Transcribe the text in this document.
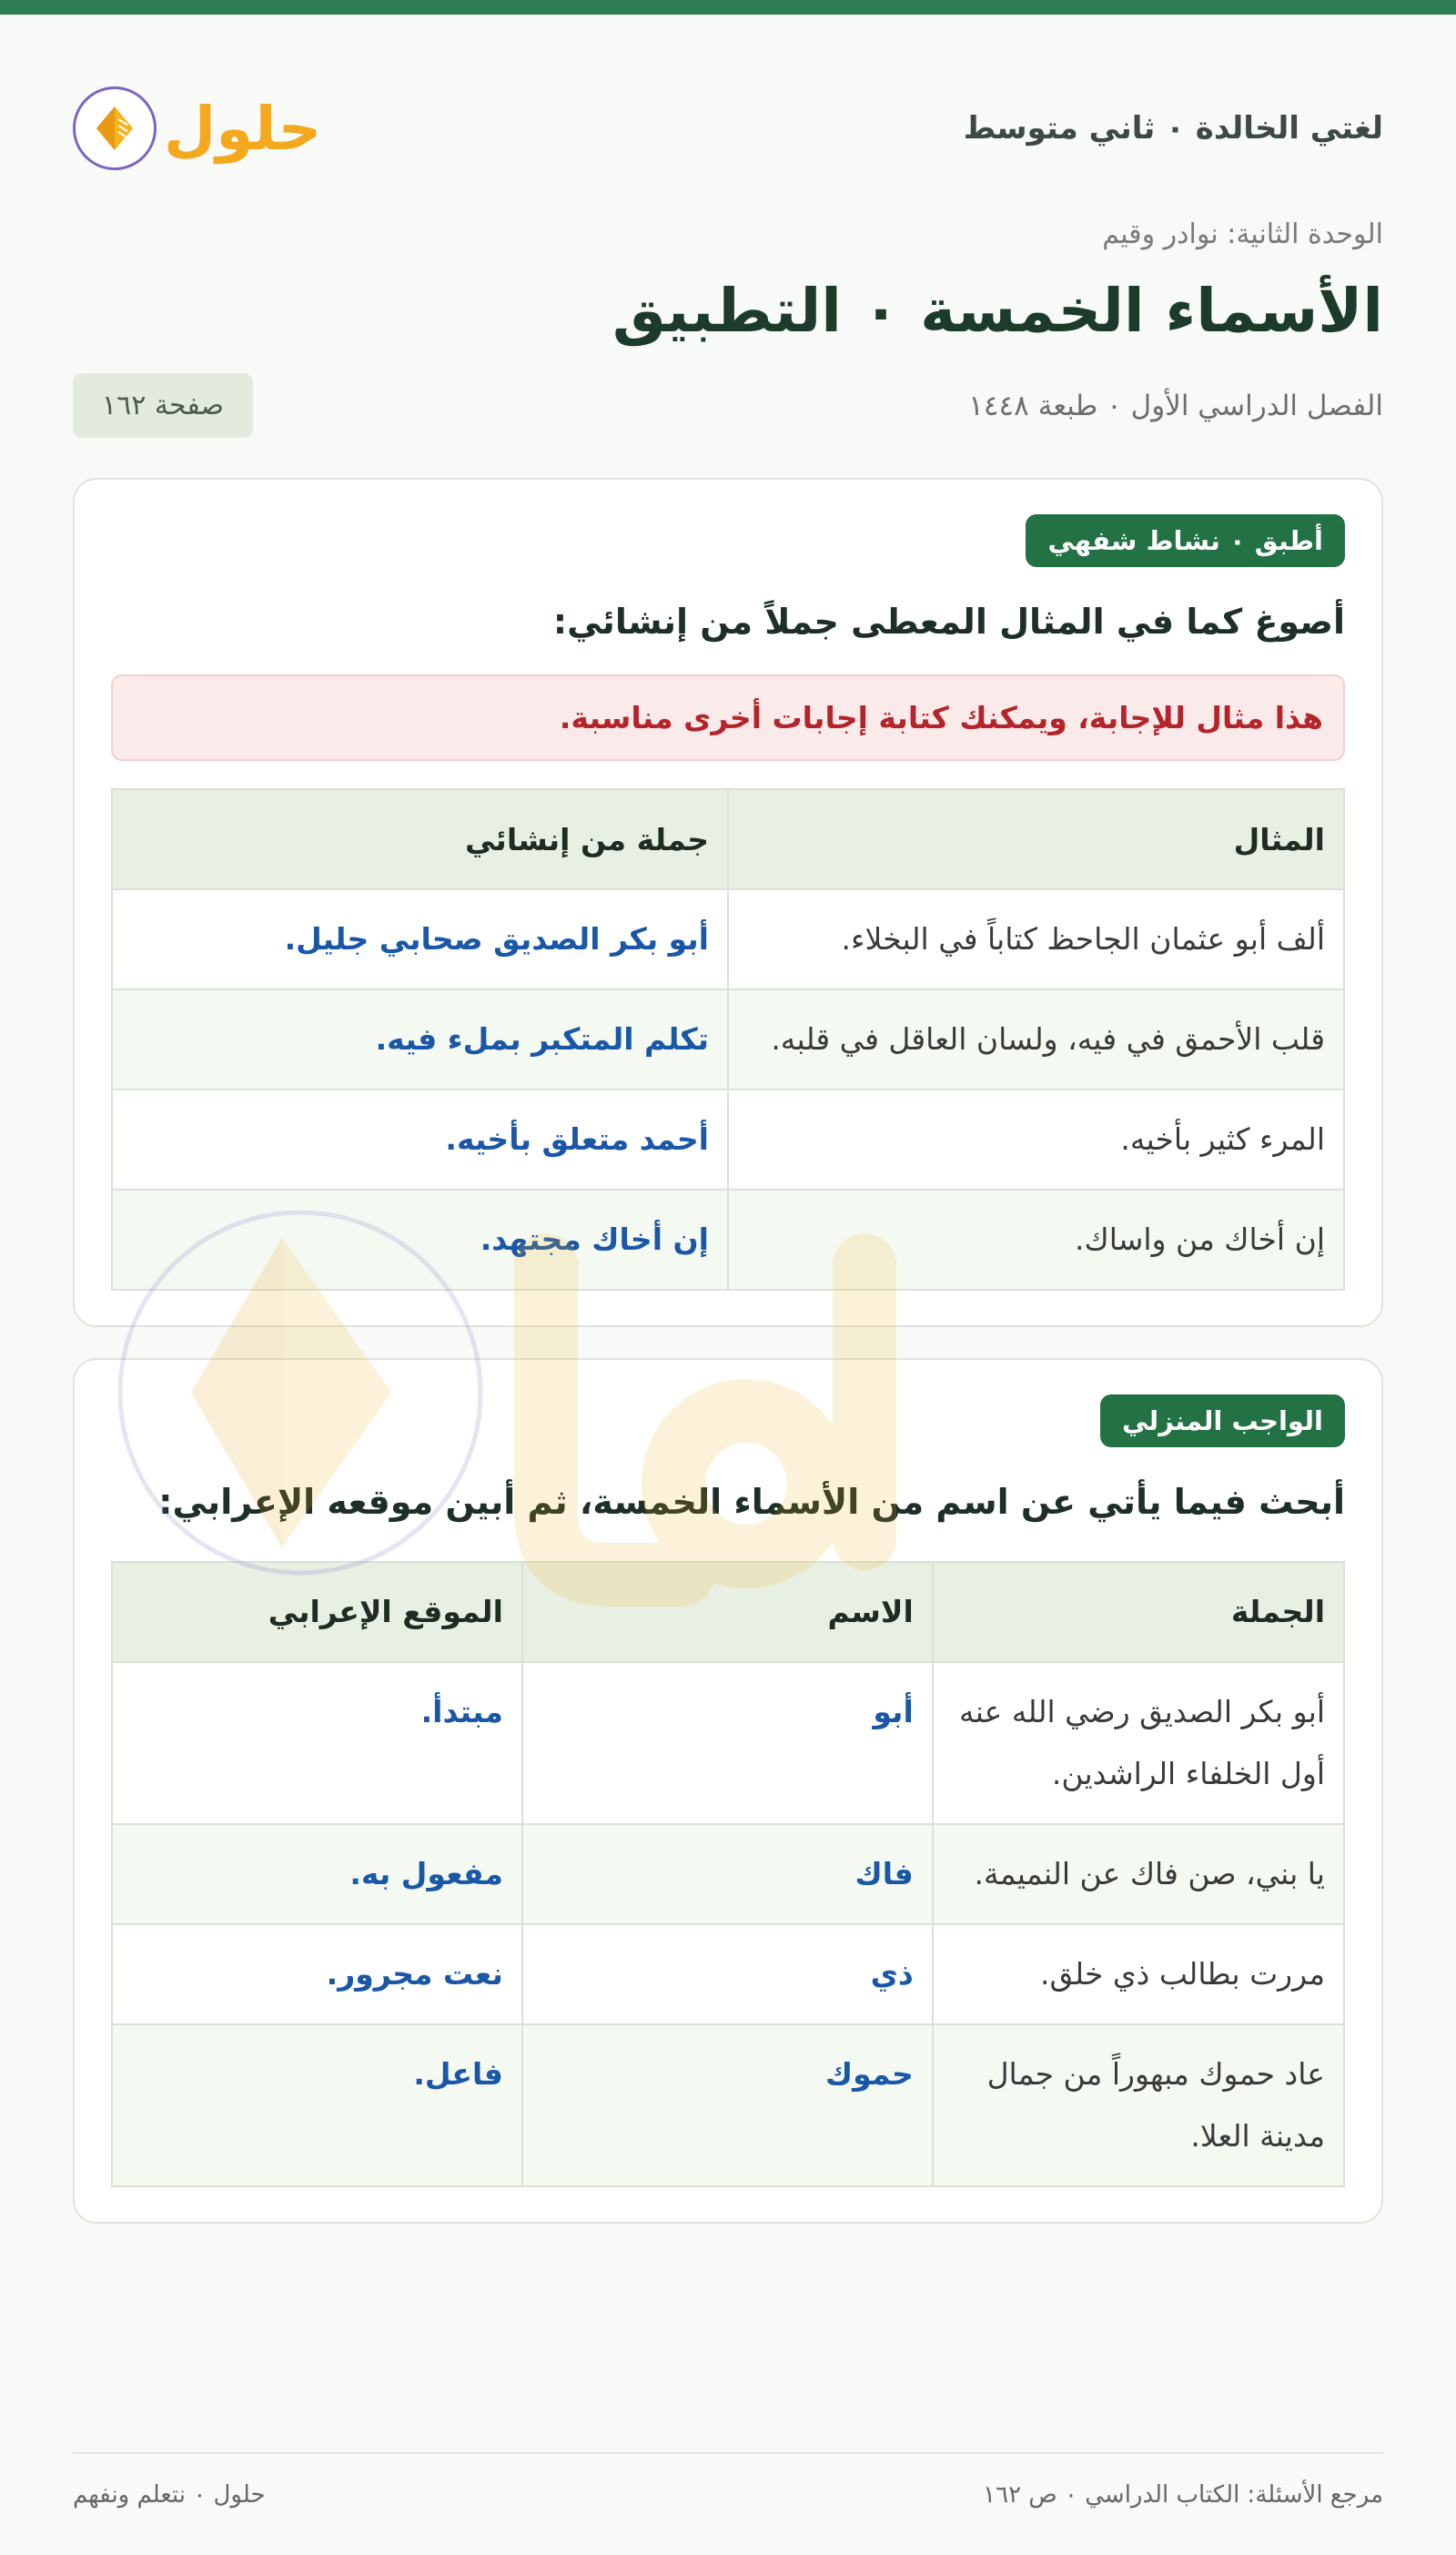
لغتي الخالدة ٠ ثاني متوسط
حلول
الوحدة الثانية: نوادر وقيم
الأسماء الخمسة ٠ التطبيق
الفصل الدراسي الأول ٠ طبعة ١٤٤٨
صفحة ١٦٢
أطبق ٠ نشاط شفهي
أصوغ كما في المثال المعطى جملاً من إنشائي:
هذا مثال للإجابة، ويمكنك كتابة إجابات أخرى مناسبة.
المثال	جملة من إنشائي
ألف أبو عثمان الجاحظ كتاباً في البخلاء.	أبو بكر الصديق صحابي جليل.
قلب الأحمق في فيه، ولسان العاقل في قلبه.	تكلم المتكبر بملء فيه.
المرء كثير بأخيه.	أحمد متعلق بأخيه.
إن أخاك من واساك.	إن أخاك مجتهد.
الواجب المنزلي
أبحث فيما يأتي عن اسم من الأسماء الخمسة، ثم أبين موقعه الإعرابي:
الجملة	الاسم	الموقع الإعرابي
أبو بكر الصديق رضي الله عنه أول الخلفاء الراشدين.	أبو	مبتدأ.
يا بني، صن فاك عن النميمة.	فاك	مفعول به.
مررت بطالب ذي خلق.	ذي	نعت مجرور.
عاد حموك مبهوراً من جمال مدينة العلا.	حموك	فاعل.
مرجع الأسئلة: الكتاب الدراسي ٠ ص ١٦٢
حلول ٠ نتعلم ونفهم
